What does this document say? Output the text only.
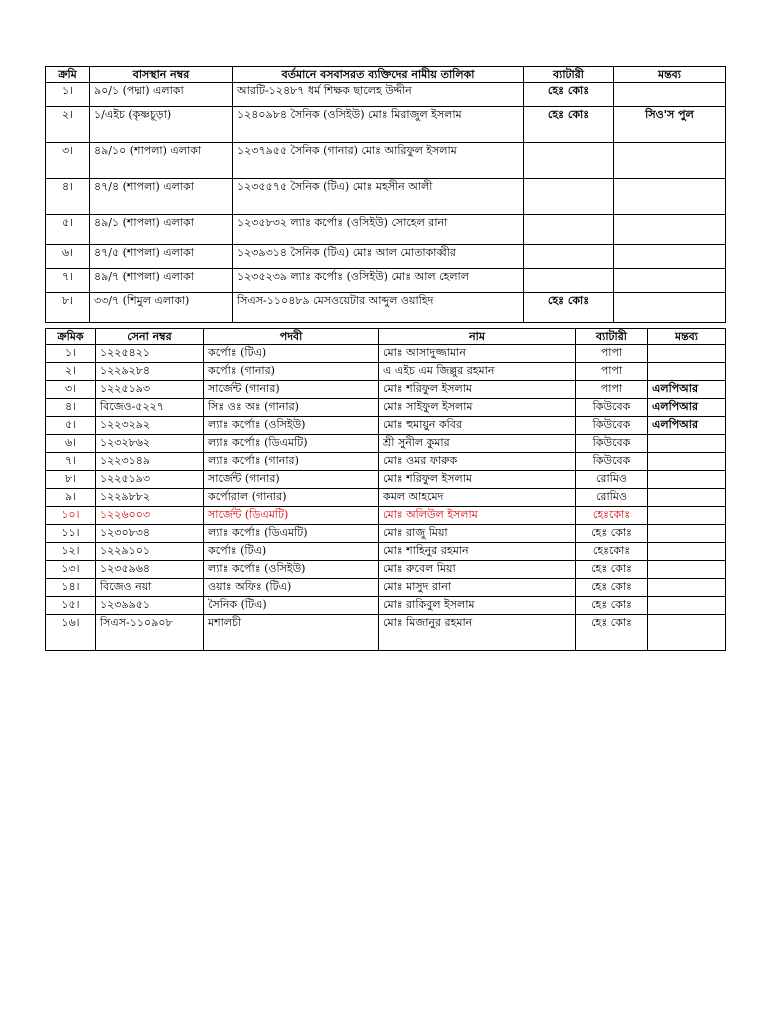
ক্রমি	বাসস্থান নম্বর	বর্তমানে বসবাসরত ব্যক্তিদের নামীয় তালিকা	ব্যাটারী	মন্তব্য
১।	৯০/১ (পদ্মা) এলাকা	আরটি-১২৪৮৭ ধর্ম শিক্ষক ছালেহ উদ্দীন	হেঃ কোঃ	
২।	১/এইচ (কৃষ্ণচূড়া)	১২৪০৯৮৪ সৈনিক (ওসিইউ) মোঃ মিরাজুল ইসলাম	হেঃ কোঃ	সিও'স পুল
৩।	৪৯/১০ (শাপলা) এলাকা	১২৩৭৯৫৫ সৈনিক (গানার) মোঃ আরিফুল ইসলাম		
৪।	৪৭/৪ (শাপলা) এলাকা	১২৩৫৫৭৫ সৈনিক (টিএ) মোঃ মহসীন আলী		
৫।	৪৯/১ (শাপলা) এলাকা	১২৩৫৮৩২ ল্যাঃ কর্পোঃ (ওসিইউ) সোহেল রানা		
৬।	৪৭/৫ (শাপলা) এলাকা	১২৩৯৩১৪ সৈনিক (টিএ) মোঃ আল মোতাকাব্বীর		
৭।	৪৯/৭ (শাপলা) এলাকা	১২৩৫২৩৯ ল্যাঃ কর্পোঃ (ওসিইউ) মোঃ আল হেলাল		
৮।	৩৩/৭ (শিমুল এলাকা)	সিএস-১১০৪৮৯ মেসওয়েটার আব্দুল ওয়াহিদ	হেঃ কোঃ	
ক্রমিক	সেনা নম্বর	পদবী	নাম	ব্যাটারী	মন্তব্য
১।	১২২৫৪২১	কর্পোঃ (টিএ)	মোঃ আসাদুজ্জামান	পাপা	
২।	১২২৯২৮৪	কর্পোঃ (গানার)	এ এইচ এম জিল্লুর রহমান	পাপা	
৩।	১২২৫১৯৩	সার্জেন্ট (গানার)	মোঃ শরিফুল ইসলাম	পাপা	এলপিআর
৪।	বিজেও-৫২২৭	সিঃ ওঃ অঃ (গানার)	মোঃ সাইফুল ইসলাম	কিউবেক	এলপিআর
৫।	১২২৩২৯২	ল্যাঃ কর্পোঃ (ওসিইউ)	মোঃ হুমায়ুন কবির	কিউবেক	এলপিআর
৬।	১২৩২৮৬২	ল্যাঃ কর্পোঃ (ডিএমটি)	শ্রী সুনীল কুমার	কিউবেক	
৭।	১২২৩১৪৯	ল্যাঃ কর্পোঃ (গানার)	মোঃ ওমর ফারুক	কিউবেক	
৮।	১২২৫১৯৩	সার্জেন্ট (গানার)	মোঃ শরিফুল ইসলাম	রোমিও	
৯।	১২২৯৮৮২	কর্পোরাল (গানার)	কমল আহমেদ	রোমিও	
১০।	১২২৬০০৩	সার্জেন্ট (ডিএমটি)	মোঃ অলিউল ইসলাম	হেঃকোঃ	
১১।	১২৩০৮৩৪	ল্যাঃ কর্পোঃ (ডিএমটি)	মোঃ রাজু মিয়া	হেঃ কোঃ	
১২।	১২২৯১০১	কর্পোঃ (টিএ)	মোঃ শাহিনুর রহমান	হেঃকোঃ	
১৩।	১২৩৫৯৬৪	ল্যাঃ কর্পোঃ (ওসিইউ)	মোঃ রুবেল মিয়া	হেঃ কোঃ	
১৪।	বিজেও নয়া	ওয়াঃ অফিঃ (টিএ)	মোঃ মাসুদ রানা	হেঃ কোঃ	
১৫।	১২৩৯৯৫১	সৈনিক (টিএ)	মোঃ রাকিবুল ইসলাম	হেঃ কোঃ	
১৬।	সিএস-১১০৯০৮	মশালচী	মোঃ মিজানুর রহমান	হেঃ কোঃ	
